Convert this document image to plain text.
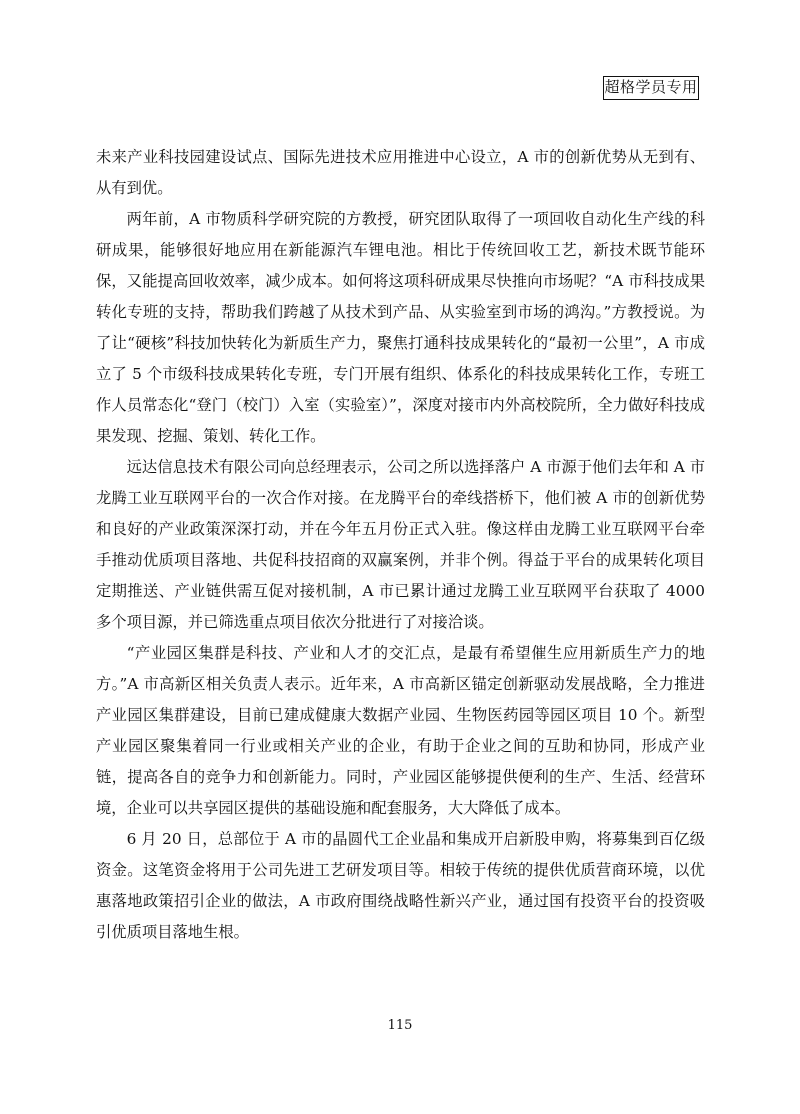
超格学员专用

未来产业科技园建设试点、国际先进技术应用推进中心设立，A 市的创新优势从无到有、从有到优。

两年前，A 市物质科学研究院的方教授，研究团队取得了一项回收自动化生产线的科研成果，能够很好地应用在新能源汽车锂电池。相比于传统回收工艺，新技术既节能环保，又能提高回收效率，减少成本。如何将这项科研成果尽快推向市场呢？“A 市科技成果转化专班的支持，帮助我们跨越了从技术到产品、从实验室到市场的鸿沟。”方教授说。为了让“硬核”科技加快转化为新质生产力，聚焦打通科技成果转化的“最初一公里”，A 市成立了 5 个市级科技成果转化专班，专门开展有组织、体系化的科技成果转化工作，专班工作人员常态化“登门（校门）入室（实验室）”，深度对接市内外高校院所，全力做好科技成果发现、挖掘、策划、转化工作。

远达信息技术有限公司向总经理表示，公司之所以选择落户 A 市源于他们去年和 A 市龙腾工业互联网平台的一次合作对接。在龙腾平台的牵线搭桥下，他们被 A 市的创新优势和良好的产业政策深深打动，并在今年五月份正式入驻。像这样由龙腾工业互联网平台牵手推动优质项目落地、共促科技招商的双赢案例，并非个例。得益于平台的成果转化项目定期推送、产业链供需互促对接机制，A 市已累计通过龙腾工业互联网平台获取了 4000 多个项目源，并已筛选重点项目依次分批进行了对接洽谈。

“产业园区集群是科技、产业和人才的交汇点，是最有希望催生应用新质生产力的地方。”A 市高新区相关负责人表示。近年来，A 市高新区锚定创新驱动发展战略，全力推进产业园区集群建设，目前已建成健康大数据产业园、生物医药园等园区项目 10 个。新型产业园区聚集着同一行业或相关产业的企业，有助于企业之间的互助和协同，形成产业链，提高各自的竞争力和创新能力。同时，产业园区能够提供便利的生产、生活、经营环境，企业可以共享园区提供的基础设施和配套服务，大大降低了成本。

6 月 20 日，总部位于 A 市的晶圆代工企业晶和集成开启新股申购，将募集到百亿级资金。这笔资金将用于公司先进工艺研发项目等。相较于传统的提供优质营商环境，以优惠落地政策招引企业的做法，A 市政府围绕战略性新兴产业，通过国有投资平台的投资吸引优质项目落地生根。

115
